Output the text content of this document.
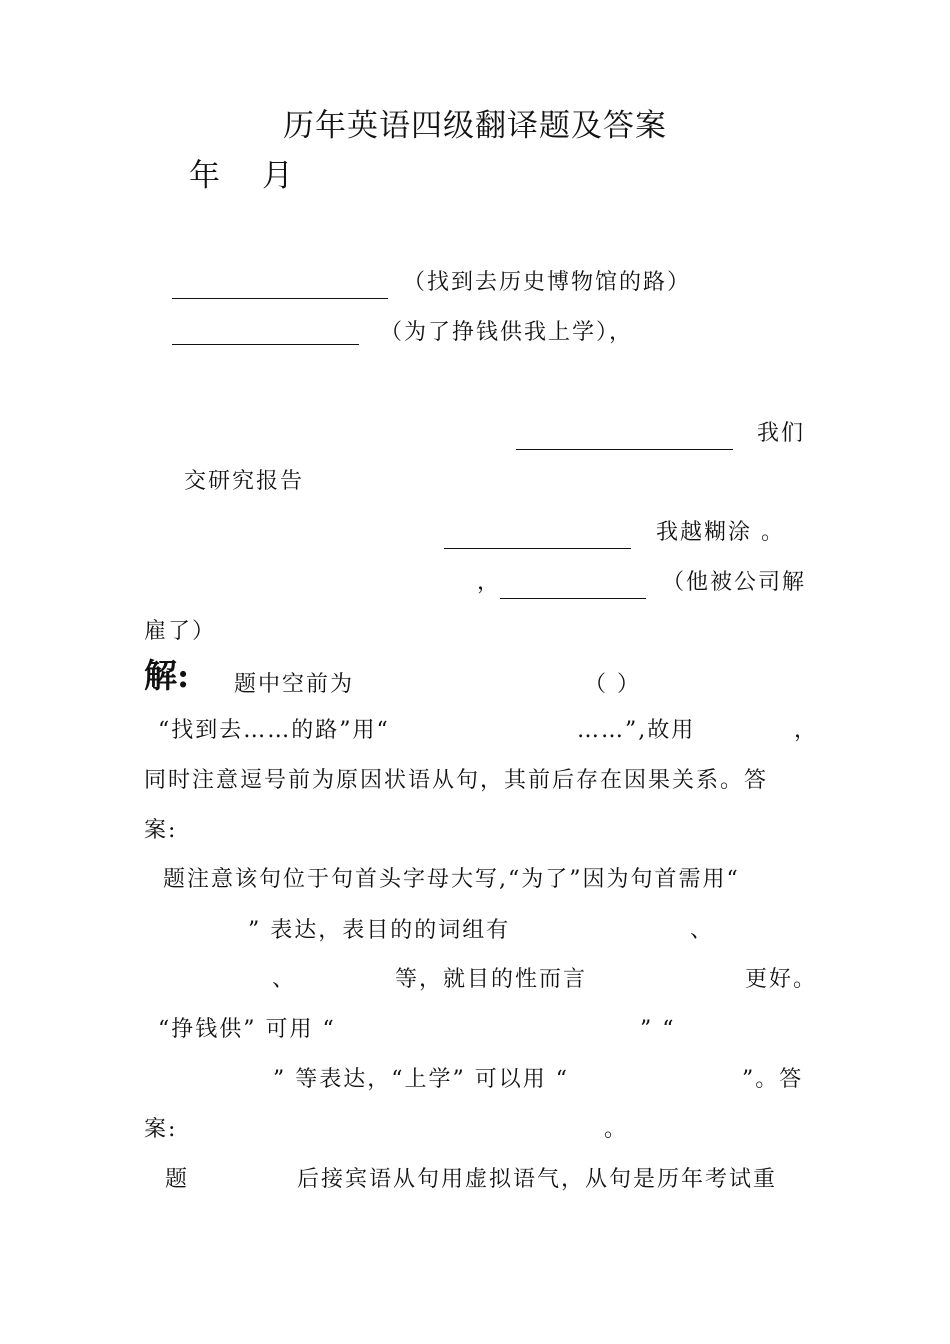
历年英语四级翻译题及答案
年 月
（找到去历史博物馆的路）
（为了挣钱供我上学），
我们
交研究报告
我越糊涂 。
，	（他被公司解
雇了）
解: 题中空前为	（ ）
“找到去……的路”用“	……”,故用	，
同时注意逗号前为原因状语从句，其前后存在因果关系。答
案:
题注意该句位于句首头字母大写,“为了”因为句首需用“
” 表达，表目的的词组有	、
、	等，就目的性而言	更好。
“挣钱供” 可用 “	” “
” 等表达，“上学” 可以用 “	”。答
案:	。
题	后接宾语从句用虚拟语气，从句是历年考试重
